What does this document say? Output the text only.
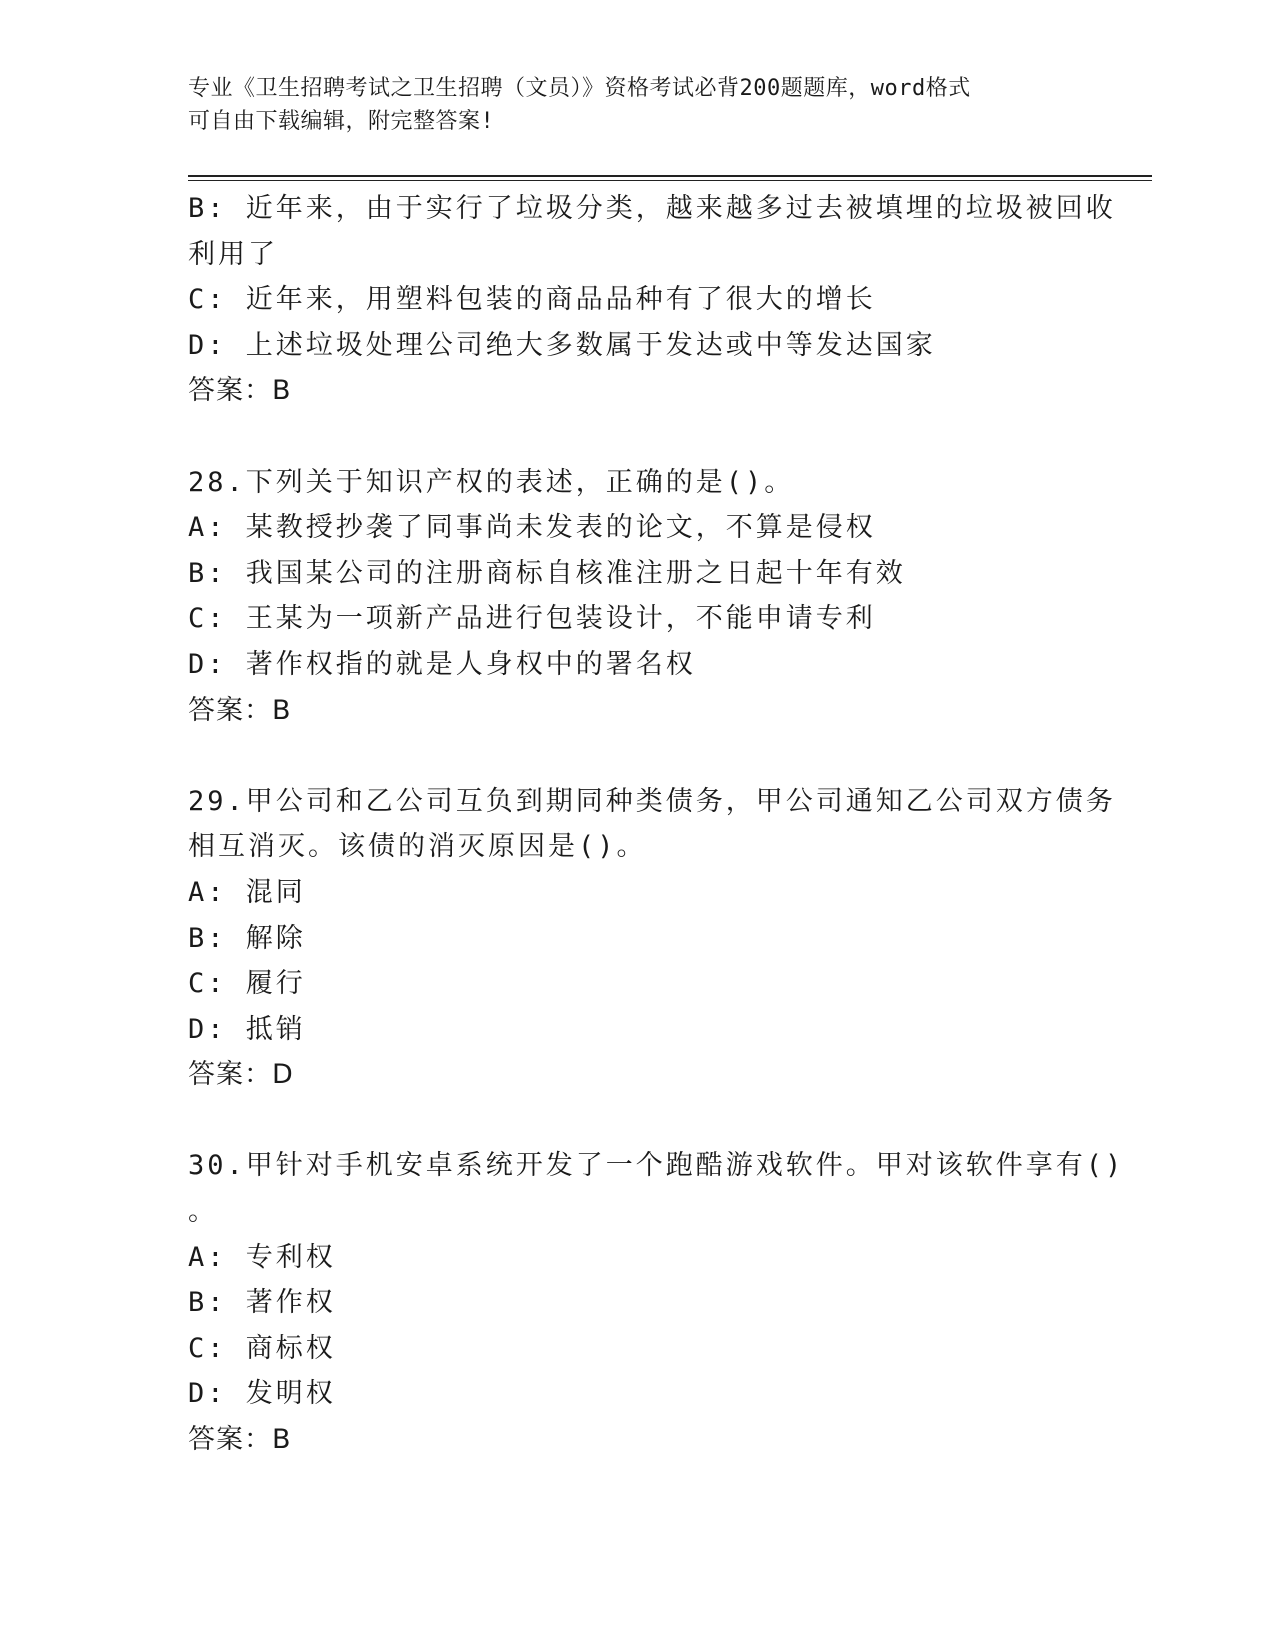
专业《卫生招聘考试之卫生招聘（文员）》资格考试必背200题题库，word格式
可自由下载编辑，附完整答案!
B: 近年来，由于实行了垃圾分类，越来越多过去被填埋的垃圾被回收
利用了
C: 近年来，用塑料包装的商品品种有了很大的增长
D: 上述垃圾处理公司绝大多数属于发达或中等发达国家
答案：B
28.下列关于知识产权的表述，正确的是()。
A: 某教授抄袭了同事尚未发表的论文，不算是侵权
B: 我国某公司的注册商标自核准注册之日起十年有效
C: 王某为一项新产品进行包装设计，不能申请专利
D: 著作权指的就是人身权中的署名权
答案：B
29.甲公司和乙公司互负到期同种类债务，甲公司通知乙公司双方债务
相互消灭。该债的消灭原因是()。
A: 混同
B: 解除
C: 履行
D: 抵销
答案：D
30.甲针对手机安卓系统开发了一个跑酷游戏软件。甲对该软件享有()
。
A: 专利权
B: 著作权
C: 商标权
D: 发明权
答案：B
